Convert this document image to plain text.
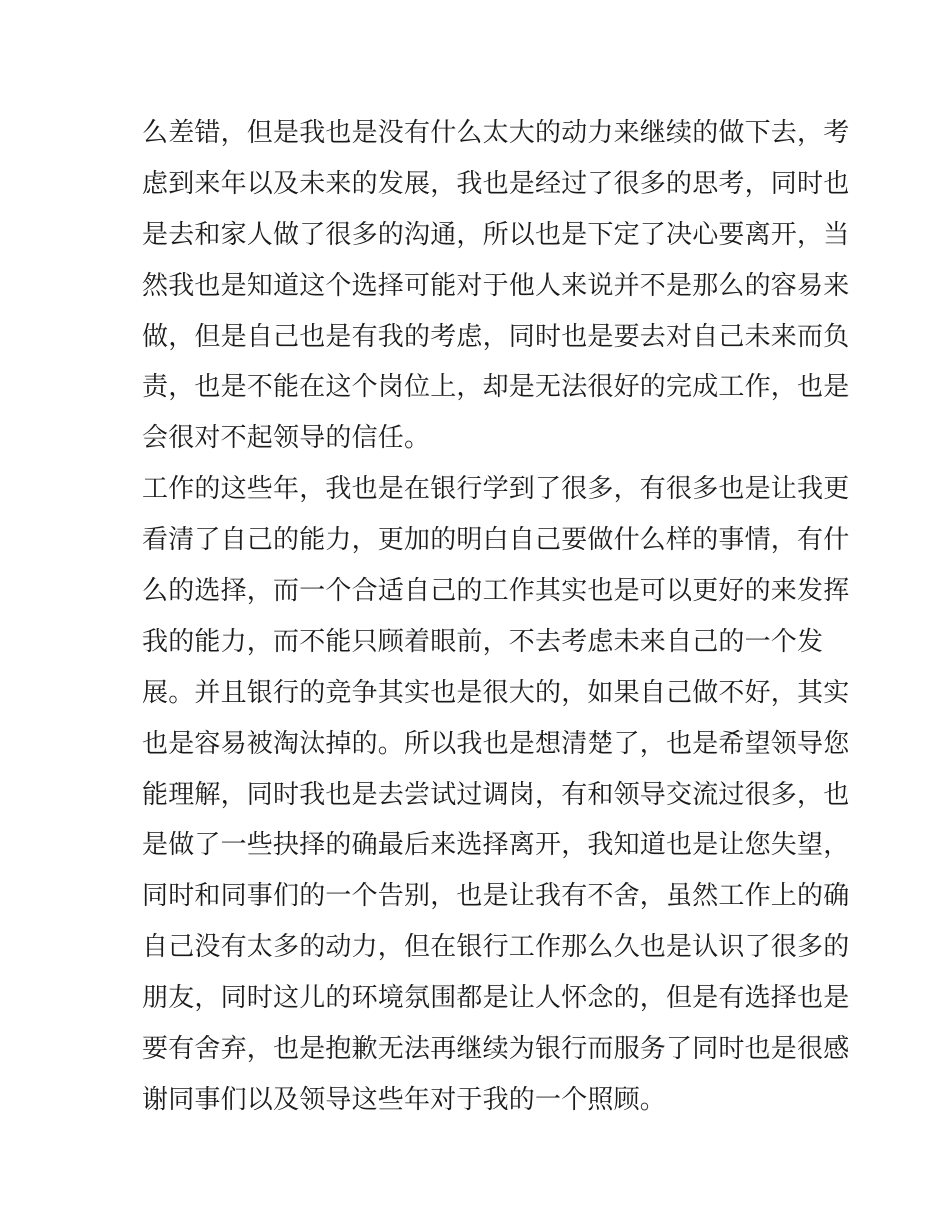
么差错，但是我也是没有什么太大的动力来继续的做下去，考
虑到来年以及未来的发展，我也是经过了很多的思考，同时也
是去和家人做了很多的沟通，所以也是下定了决心要离开，当
然我也是知道这个选择可能对于他人来说并不是那么的容易来
做，但是自己也是有我的考虑，同时也是要去对自己未来而负
责，也是不能在这个岗位上，却是无法很好的完成工作，也是
会很对不起领导的信任。
工作的这些年，我也是在银行学到了很多，有很多也是让我更
看清了自己的能力，更加的明白自己要做什么样的事情，有什
么的选择，而一个合适自己的工作其实也是可以更好的来发挥
我的能力，而不能只顾着眼前，不去考虑未来自己的一个发
展。并且银行的竞争其实也是很大的，如果自己做不好，其实
也是容易被淘汰掉的。所以我也是想清楚了，也是希望领导您
能理解，同时我也是去尝试过调岗，有和领导交流过很多，也
是做了一些抉择的确最后来选择离开，我知道也是让您失望，
同时和同事们的一个告别，也是让我有不舍，虽然工作上的确
自己没有太多的动力，但在银行工作那么久也是认识了很多的
朋友，同时这儿的环境氛围都是让人怀念的，但是有选择也是
要有舍弃，也是抱歉无法再继续为银行而服务了同时也是很感
谢同事们以及领导这些年对于我的一个照顾。
